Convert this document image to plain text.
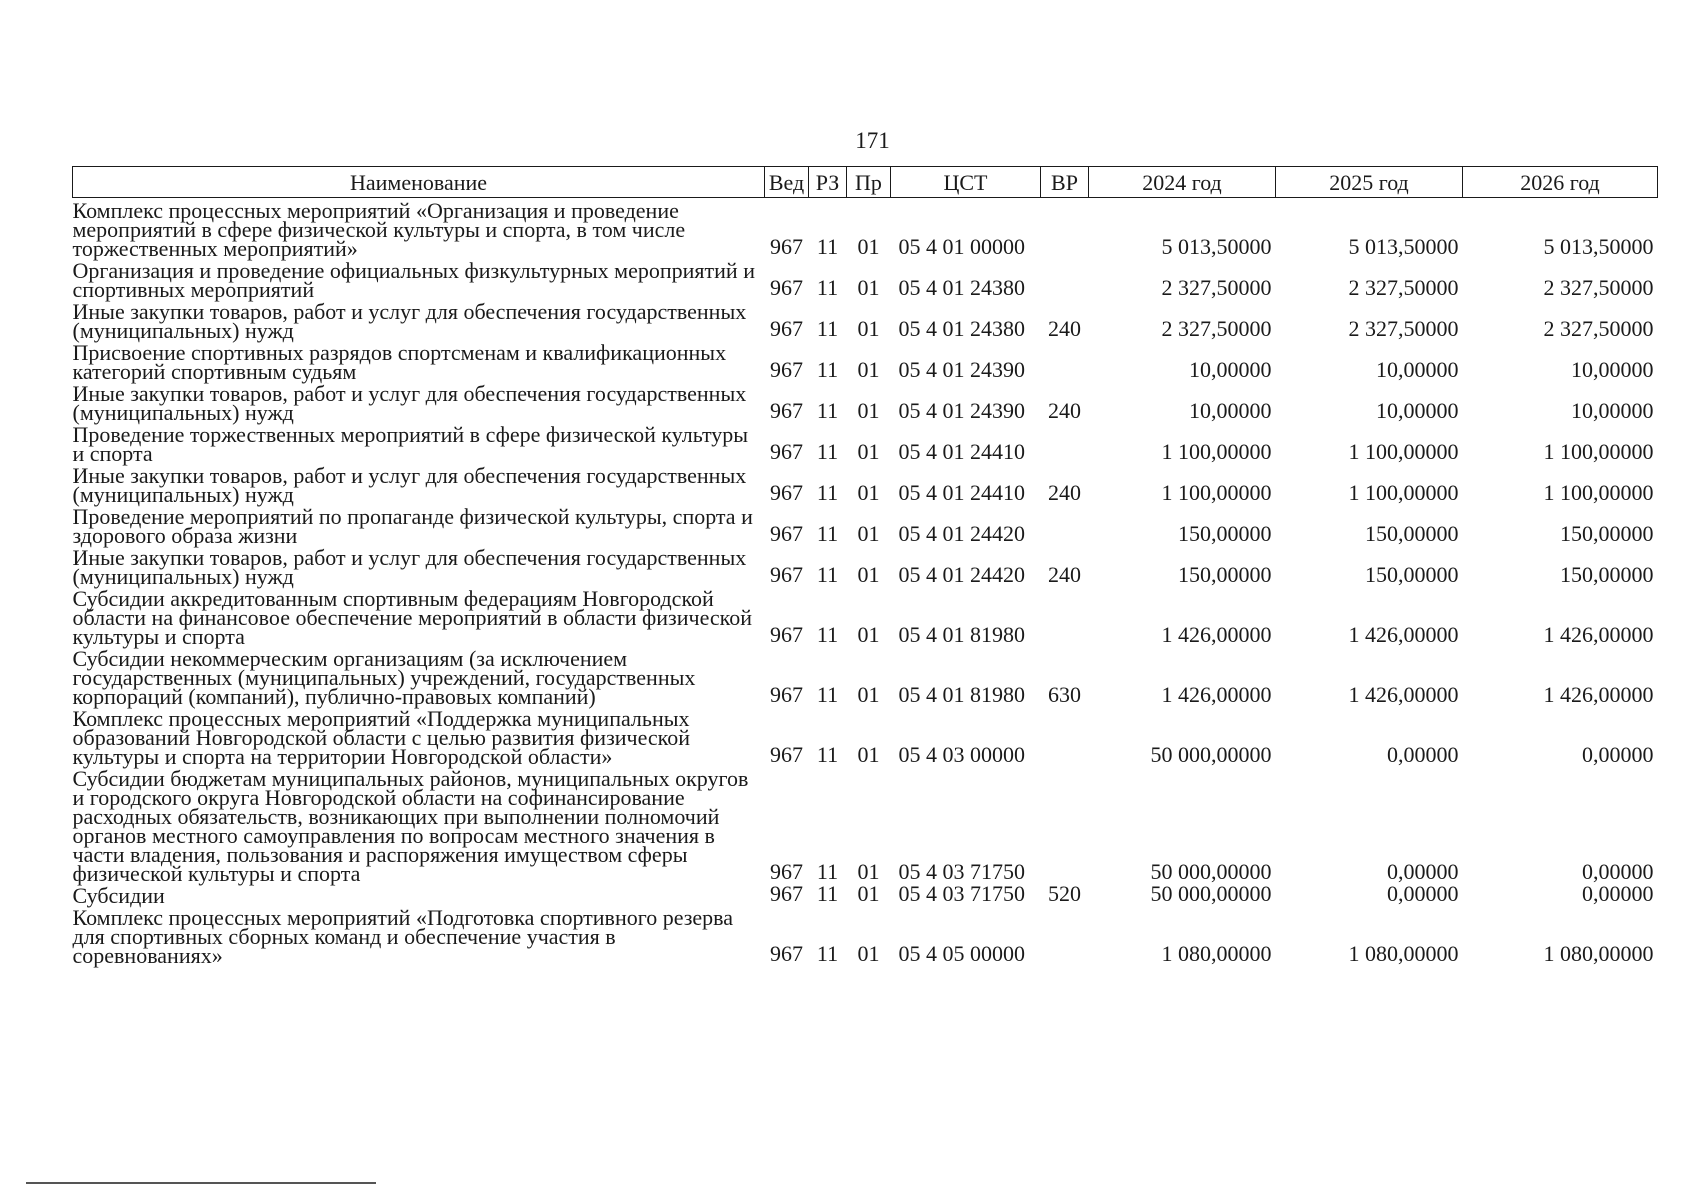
171
Наименование	Вед	РЗ	Пр	ЦСТ	ВР	2024 год	2025 год	2026 год
Комплекс процессных мероприятий «Организация и проведение мероприятий в сфере физической культуры и спорта, в том числе торжественных мероприятий»	967	11	01	05 4 01 00000		5 013,50000	5 013,50000	5 013,50000
Организация и проведение официальных физкультурных мероприятий и спортивных мероприятий	967	11	01	05 4 01 24380		2 327,50000	2 327,50000	2 327,50000
Иные закупки товаров, работ и услуг для обеспечения государственных (муниципальных) нужд	967	11	01	05 4 01 24380	240	2 327,50000	2 327,50000	2 327,50000
Присвоение спортивных разрядов спортсменам и квалификационных категорий спортивным судьям	967	11	01	05 4 01 24390		10,00000	10,00000	10,00000
Иные закупки товаров, работ и услуг для обеспечения государственных (муниципальных) нужд	967	11	01	05 4 01 24390	240	10,00000	10,00000	10,00000
Проведение торжественных мероприятий в сфере физической культуры и спорта	967	11	01	05 4 01 24410		1 100,00000	1 100,00000	1 100,00000
Иные закупки товаров, работ и услуг для обеспечения государственных (муниципальных) нужд	967	11	01	05 4 01 24410	240	1 100,00000	1 100,00000	1 100,00000
Проведение мероприятий по пропаганде физической культуры, спорта и здорового образа жизни	967	11	01	05 4 01 24420		150,00000	150,00000	150,00000
Иные закупки товаров, работ и услуг для обеспечения государственных (муниципальных) нужд	967	11	01	05 4 01 24420	240	150,00000	150,00000	150,00000
Субсидии аккредитованным спортивным федерациям Новгородской области на финансовое обеспечение мероприятий в области физической культуры и спорта	967	11	01	05 4 01 81980		1 426,00000	1 426,00000	1 426,00000
Субсидии некоммерческим организациям (за исключением государственных (муниципальных) учреждений, государственных корпораций (компаний), публично-правовых компаний)	967	11	01	05 4 01 81980	630	1 426,00000	1 426,00000	1 426,00000
Комплекс процессных мероприятий «Поддержка муниципальных образований Новгородской области с целью развития физической культуры и спорта на территории Новгородской области»	967	11	01	05 4 03 00000		50 000,00000	0,00000	0,00000
Субсидии бюджетам муниципальных районов, муниципальных округов и городского округа Новгородской области на софинансирование расходных обязательств, возникающих при выполнении полномочий органов местного самоуправления по вопросам местного значения в части владения, пользования и распоряжения имуществом сферы физической культуры и спорта	967	11	01	05 4 03 71750		50 000,00000	0,00000	0,00000
Субсидии	967	11	01	05 4 03 71750	520	50 000,00000	0,00000	0,00000
Комплекс процессных мероприятий «Подготовка спортивного резерва для спортивных сборных команд и обеспечение участия в соревнованиях»	967	11	01	05 4 05 00000		1 080,00000	1 080,00000	1 080,00000
